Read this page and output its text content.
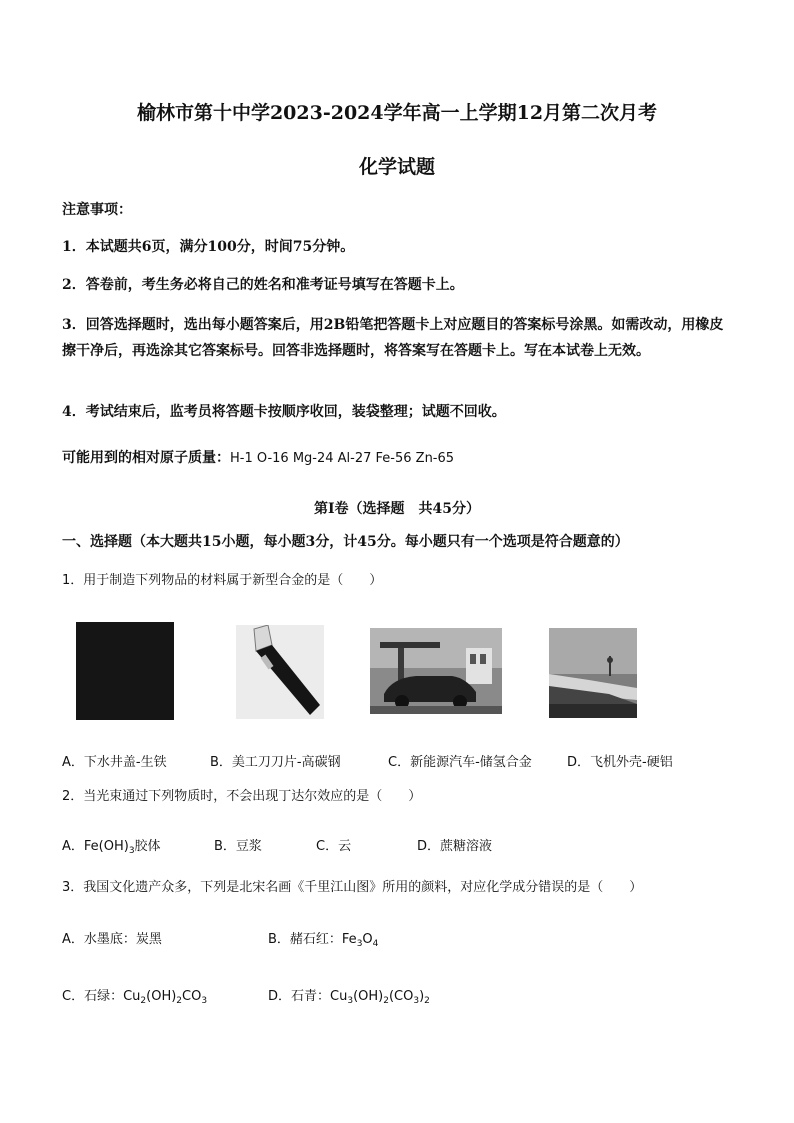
榆林市第十中学2023-2024学年高一上学期12月第二次月考
化学试题
注意事项：
1．本试题共6页，满分100分，时间75分钟。
2．答卷前，考生务必将自己的姓名和准考证号填写在答题卡上。
3．回答选择题时，选出每小题答案后，用2B铅笔把答题卡上对应题目的答案标号涂黑。如需改动，用橡皮擦干净后，再选涂其它答案标号。回答非选择题时，将答案写在答题卡上。写在本试卷上无效。
4．考试结束后，监考员将答题卡按顺序收回，装袋整理；试题不回收。
可能用到的相对原子质量：H-1 O-16 Mg-24 Al-27 Fe-56 Zn-65
第Ⅰ卷（选择题　共45分）
一、选择题（本大题共15小题，每小题3分，计45分。每小题只有一个选项是符合题意的）
1．用于制造下列物品的材料属于新型合金的是（　　）
A．下水井盖-生铁	B．美工刀刀片-高碳钢	C．新能源汽车-储氢合金	D．飞机外壳-硬铝
2．当光束通过下列物质时，不会出现丁达尔效应的是（　　）
A．$Fe(OH)_3$胶体	B．豆浆	C．云	D．蔗糖溶液
3．我国文化遗产众多，下列是北宋名画《千里江山图》所用的颜料，对应化学成分错误的是（　　）
A．水墨底：炭黑	B．赭石红：$Fe_3O_4$
C．石绿：$Cu_2(OH)_2CO_3$	D．石青：$Cu_3(OH)_2(CO_3)_2$
